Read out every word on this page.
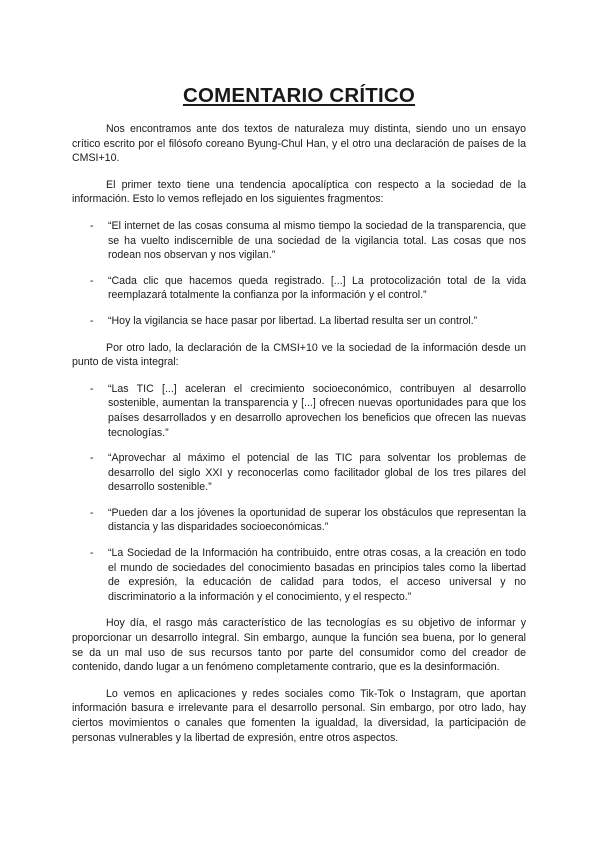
COMENTARIO CRÍTICO

Nos encontramos ante dos textos de naturaleza muy distinta, siendo uno un ensayo crítico escrito por el filósofo coreano Byung-Chul Han, y el otro una declaración de países de la CMSI+10.

El primer texto tiene una tendencia apocalíptica con respecto a la sociedad de la información. Esto lo vemos reflejado en los siguientes fragmentos:

- “El internet de las cosas consuma al mismo tiempo la sociedad de la transparencia, que se ha vuelto indiscernible de una sociedad de la vigilancia total. Las cosas que nos rodean nos observan y nos vigilan.”
- “Cada clic que hacemos queda registrado. [...] La protocolización total de la vida reemplazará totalmente la confianza por la información y el control.”
- “Hoy la vigilancia se hace pasar por libertad. La libertad resulta ser un control.”

Por otro lado, la declaración de la CMSI+10 ve la sociedad de la información desde un punto de vista integral:

- “Las TIC [...] aceleran el crecimiento socioeconómico, contribuyen al desarrollo sostenible, aumentan la transparencia y [...] ofrecen nuevas oportunidades para que los países desarrollados y en desarrollo aprovechen los beneficios que ofrecen las nuevas tecnologías.”
- “Aprovechar al máximo el potencial de las TIC para solventar los problemas de desarrollo del siglo XXI y reconocerlas como facilitador global de los tres pilares del desarrollo sostenible.”
- “Pueden dar a los jóvenes la oportunidad de superar los obstáculos que representan la distancia y las disparidades socioeconómicas.”
- “La Sociedad de la Información ha contribuido, entre otras cosas, a la creación en todo el mundo de sociedades del conocimiento basadas en principios tales como la libertad de expresión, la educación de calidad para todos, el acceso universal y no discriminatorio a la información y el conocimiento, y el respecto.”

Hoy día, el rasgo más característico de las tecnologías es su objetivo de informar y proporcionar un desarrollo integral. Sin embargo, aunque la función sea buena, por lo general se da un mal uso de sus recursos tanto por parte del consumidor como del creador de contenido, dando lugar a un fenómeno completamente contrario, que es la desinformación.

Lo vemos en aplicaciones y redes sociales como Tik-Tok o Instagram, que aportan información basura e irrelevante para el desarrollo personal. Sin embargo, por otro lado, hay ciertos movimientos o canales que fomenten la igualdad, la diversidad, la participación de personas vulnerables y la libertad de expresión, entre otros aspectos.
